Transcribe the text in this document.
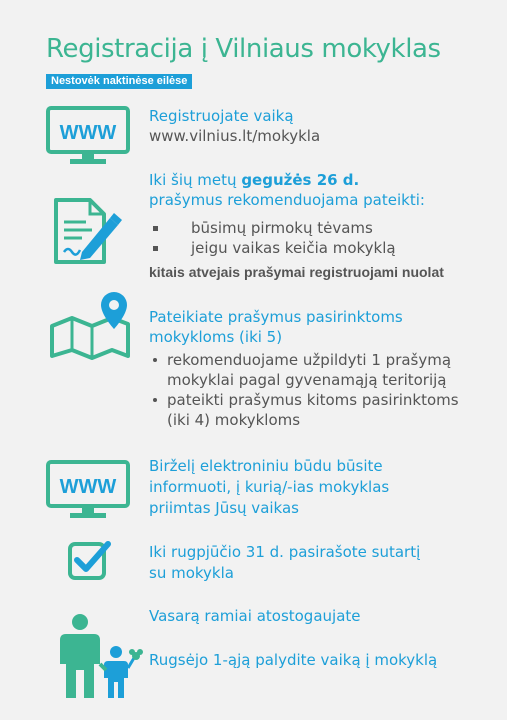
Registracija į Vilniaus mokyklas
Nestovėk naktinėse eilėse
WWW
Registruojate vaiką
www.vilnius.lt/mokykla
Iki šių metų gegužės 26 d.
prašymus rekomenduojama pateikti:
būsimų pirmokų tėvams
jeigu vaikas keičia mokyklą
kitais atvejais prašymai registruojami nuolat
Pateikiate prašymus pasirinktoms
mokykloms (iki 5)
rekomenduojame užpildyti 1 prašymą
mokyklai pagal gyvenamąją teritoriją
pateikti prašymus kitoms pasirinktoms
(iki 4) mokykloms
WWW
Birželį elektroniniu būdu būsite
informuoti, į kurią/-ias mokyklas
priimtas Jūsų vaikas
Iki rugpjūčio 31 d. pasirašote sutartį
su mokykla
Vasarą ramiai atostogaujate
Rugsėjo 1-ąją palydite vaiką į mokyklą
